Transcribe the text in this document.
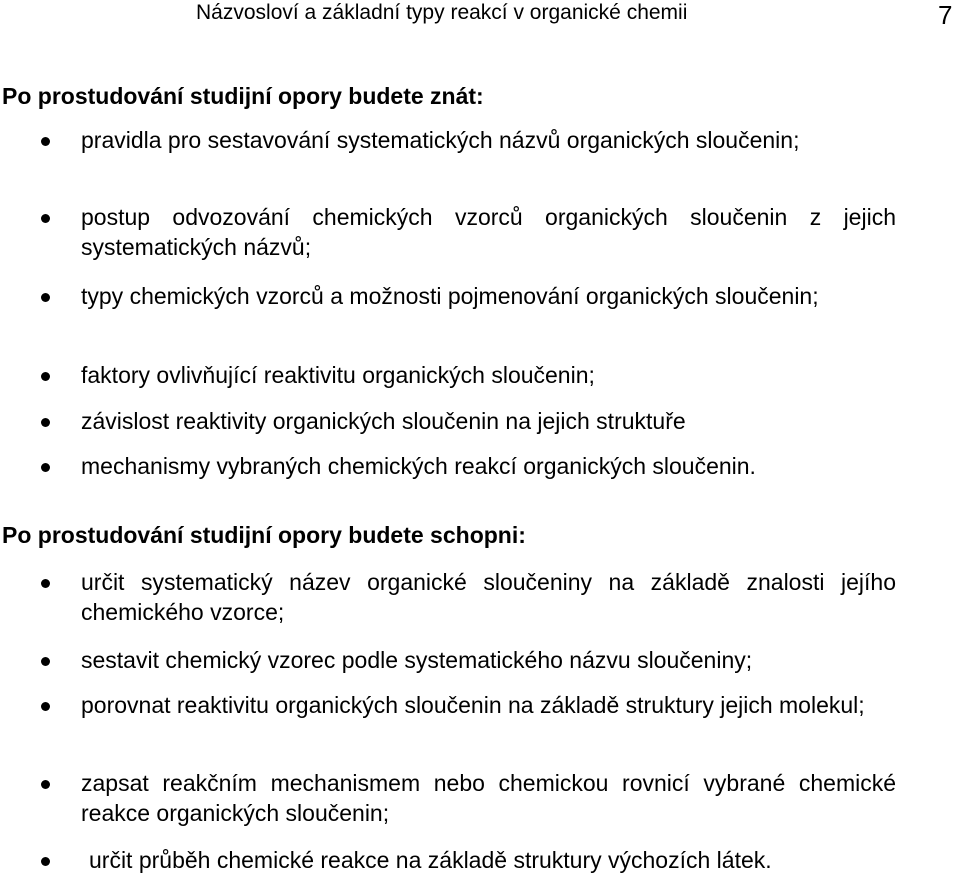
Názvosloví a základní typy reakcí v organické chemii	7
Po prostudování studijní opory budete znát:
pravidla pro sestavování systematických názvů organických sloučenin;
postup odvozování chemických vzorců organických sloučenin z jejich systematických názvů;
typy chemických vzorců a možnosti pojmenování organických sloučenin;
faktory ovlivňující reaktivitu organických sloučenin;
závislost reaktivity organických sloučenin na jejich struktuře
mechanismy vybraných chemických reakcí organických sloučenin.
Po prostudování studijní opory budete schopni:
určit systematický název organické sloučeniny na základě znalosti jejího chemického vzorce;
sestavit chemický vzorec podle systematického názvu sloučeniny;
porovnat reaktivitu organických sloučenin na základě struktury jejich molekul;
zapsat reakčním mechanismem nebo chemickou rovnicí vybrané chemické reakce organických sloučenin;
určit průběh chemické reakce na základě struktury výchozích látek.
